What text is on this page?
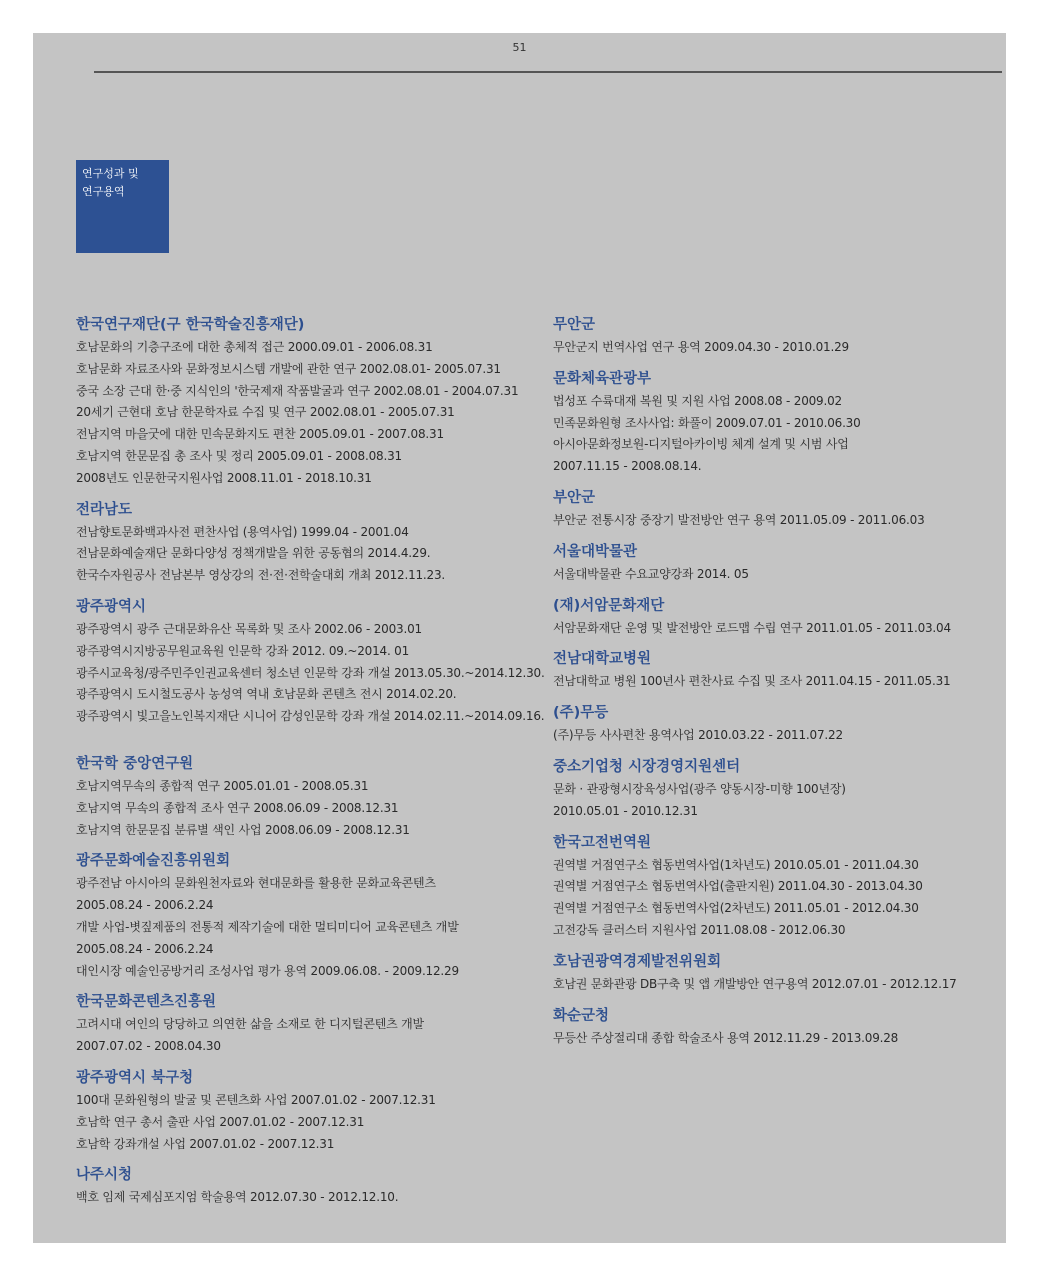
51
연구성과 및
연구용역
한국연구재단(구 한국학술진흥재단)
호남문화의 기층구조에 대한 총체적 접근 2000.09.01 - 2006.08.31
호남문화 자료조사와 문화정보시스템 개발에 관한 연구 2002.08.01- 2005.07.31
중국 소장 근대 한·중 지식인의 '한국제재 작품발굴과 연구 2002.08.01 - 2004.07.31
20세기 근현대 호남 한문학자료 수집 및 연구 2002.08.01 - 2005.07.31
전남지역 마을굿에 대한 민속문화지도 편찬 2005.09.01 - 2007.08.31
호남지역 한문문집 총 조사 및 정리 2005.09.01 - 2008.08.31
2008년도 인문한국지원사업 2008.11.01 - 2018.10.31
전라남도
전남향토문화백과사전 편찬사업 (용역사업) 1999.04 - 2001.04
전남문화예술재단 문화다양성 정책개발을 위한 공동협의 2014.4.29.
한국수자원공사 전남본부 영상강의 전·전·전학술대회 개최 2012.11.23.
광주광역시
광주광역시 광주 근대문화유산 목록화 및 조사 2002.06 - 2003.01
광주광역시지방공무원교육원 인문학 강좌 2012. 09.~2014. 01
광주시교육청/광주민주인권교육센터 청소년 인문학 강좌 개설 2013.05.30.~2014.12.30.
광주광역시 도시철도공사 농성역 역내 호남문화 콘텐츠 전시 2014.02.20.
광주광역시 빛고을노인복지재단 시니어 감성인문학 강좌 개설 2014.02.11.~2014.09.16.
한국학 중앙연구원
호남지역무속의 종합적 연구 2005.01.01 - 2008.05.31
호남지역 무속의 종합적 조사 연구 2008.06.09 - 2008.12.31
호남지역 한문문집 분류별 색인 사업 2008.06.09 - 2008.12.31
광주문화예술진흥위원회
광주전남 아시아의 문화원천자료와 현대문화를 활용한 문화교육콘텐츠
2005.08.24 - 2006.2.24
개발 사업-볏짚제품의 전통적 제작기술에 대한 멀티미디어 교육콘텐츠 개발
2005.08.24 - 2006.2.24
대인시장 예술인공방거리 조성사업 평가 용역 2009.06.08. - 2009.12.29
한국문화콘텐츠진흥원
고려시대 여인의 당당하고 의연한 삶을 소재로 한 디지털콘텐츠 개발
2007.07.02 - 2008.04.30
광주광역시 북구청
100대 문화원형의 발굴 및 콘텐츠화 사업 2007.01.02 - 2007.12.31
호남학 연구 총서 출판 사업 2007.01.02 - 2007.12.31
호남학 강좌개설 사업 2007.01.02 - 2007.12.31
나주시청
백호 임제 국제심포지엄 학술용역 2012.07.30 - 2012.12.10.
무안군
무안군지 번역사업 연구 용역 2009.04.30 - 2010.01.29
문화체육관광부
법성포 수륙대재 복원 및 지원 사업 2008.08 - 2009.02
민족문화원형 조사사업: 화풀이 2009.07.01 - 2010.06.30
아시아문화정보원-디지털아카이빙 체계 설계 및 시범 사업
2007.11.15 - 2008.08.14.
부안군
부안군 전통시장 중장기 발전방안 연구 용역 2011.05.09 - 2011.06.03
서울대박물관
서울대박물관 수요교양강좌 2014. 05
(재)서암문화재단
서암문화재단 운영 및 발전방안 로드맵 수립 연구 2011.01.05 - 2011.03.04
전남대학교병원
전남대학교 병원 100년사 편찬사료 수집 및 조사 2011.04.15 - 2011.05.31
(주)무등
(주)무등 사사편찬 용역사업 2010.03.22 - 2011.07.22
중소기업청 시장경영지원센터
문화 · 관광형시장육성사업(광주 양동시장-미향 100년장)
2010.05.01 - 2010.12.31
한국고전번역원
권역별 거점연구소 협동번역사업(1차년도) 2010.05.01 - 2011.04.30
권역별 거점연구소 협동번역사업(출판지원) 2011.04.30 - 2013.04.30
권역별 거점연구소 협동번역사업(2차년도) 2011.05.01 - 2012.04.30
고전강독 클러스터 지원사업 2011.08.08 - 2012.06.30
호남권광역경제발전위원회
호남권 문화관광 DB구축 및 앱 개발방안 연구용역 2012.07.01 - 2012.12.17
화순군청
무등산 주상절리대 종합 학술조사 용역 2012.11.29 - 2013.09.28
